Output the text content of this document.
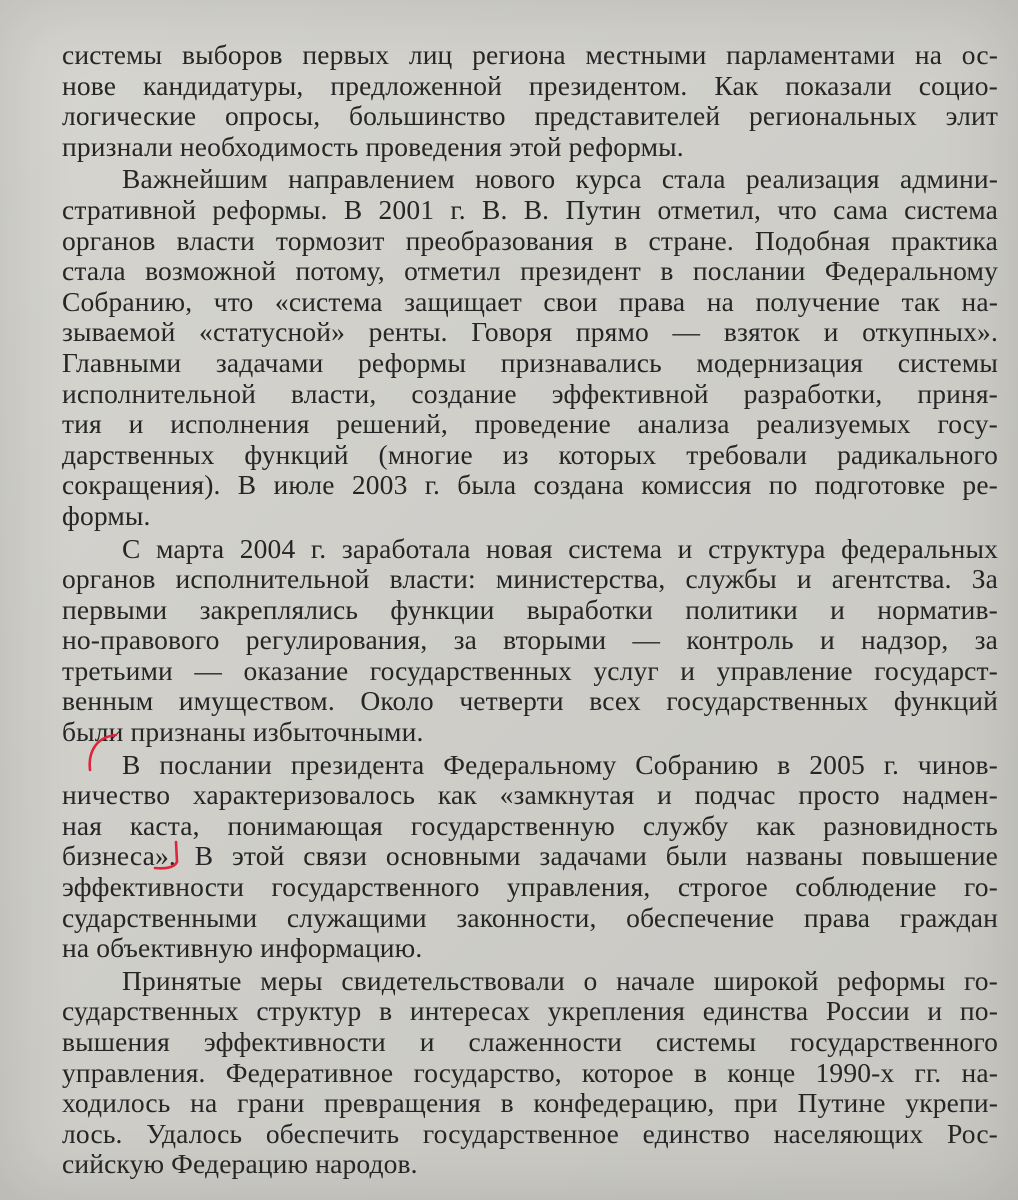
системы выборов первых лиц региона местными парламентами на ос-
нове кандидатуры, предложенной президентом. Как показали социо-
логические опросы, большинство представителей региональных элит
признали необходимость проведения этой реформы.
Важнейшим направлением нового курса стала реализация админи-
стративной реформы. В 2001 г. В. В. Путин отметил, что сама система
органов власти тормозит преобразования в стране. Подобная практика
стала возможной потому, отметил президент в послании Федеральному
Собранию, что «система защищает свои права на получение так на-
зываемой «статусной» ренты. Говоря прямо — взяток и откупных».
Главными задачами реформы признавались модернизация системы
исполнительной власти, создание эффективной разработки, приня-
тия и исполнения решений, проведение анализа реализуемых госу-
дарственных функций (многие из которых требовали радикального
сокращения). В июле 2003 г. была создана комиссия по подготовке ре-
формы.
С марта 2004 г. заработала новая система и структура федеральных
органов исполнительной власти: министерства, службы и агентства. За
первыми закреплялись функции выработки политики и норматив-
но-правового регулирования, за вторыми — контроль и надзор, за
третьими — оказание государственных услуг и управление государст-
венным имуществом. Около четверти всех государственных функций
были признаны избыточными.
В послании президента Федеральному Собранию в 2005 г. чинов-
ничество характеризовалось как «замкнутая и подчас просто надмен-
ная каста, понимающая государственную службу как разновидность
бизнеса». В этой связи основными задачами были названы повышение
эффективности государственного управления, строгое соблюдение го-
сударственными служащими законности, обеспечение права граждан
на объективную информацию.
Принятые меры свидетельствовали о начале широкой реформы го-
сударственных структур в интересах укрепления единства России и по-
вышения эффективности и слаженности системы государственного
управления. Федеративное государство, которое в конце 1990-х гг. на-
ходилось на грани превращения в конфедерацию, при Путине укрепи-
лось. Удалось обеспечить государственное единство населяющих Рос-
сийскую Федерацию народов.
